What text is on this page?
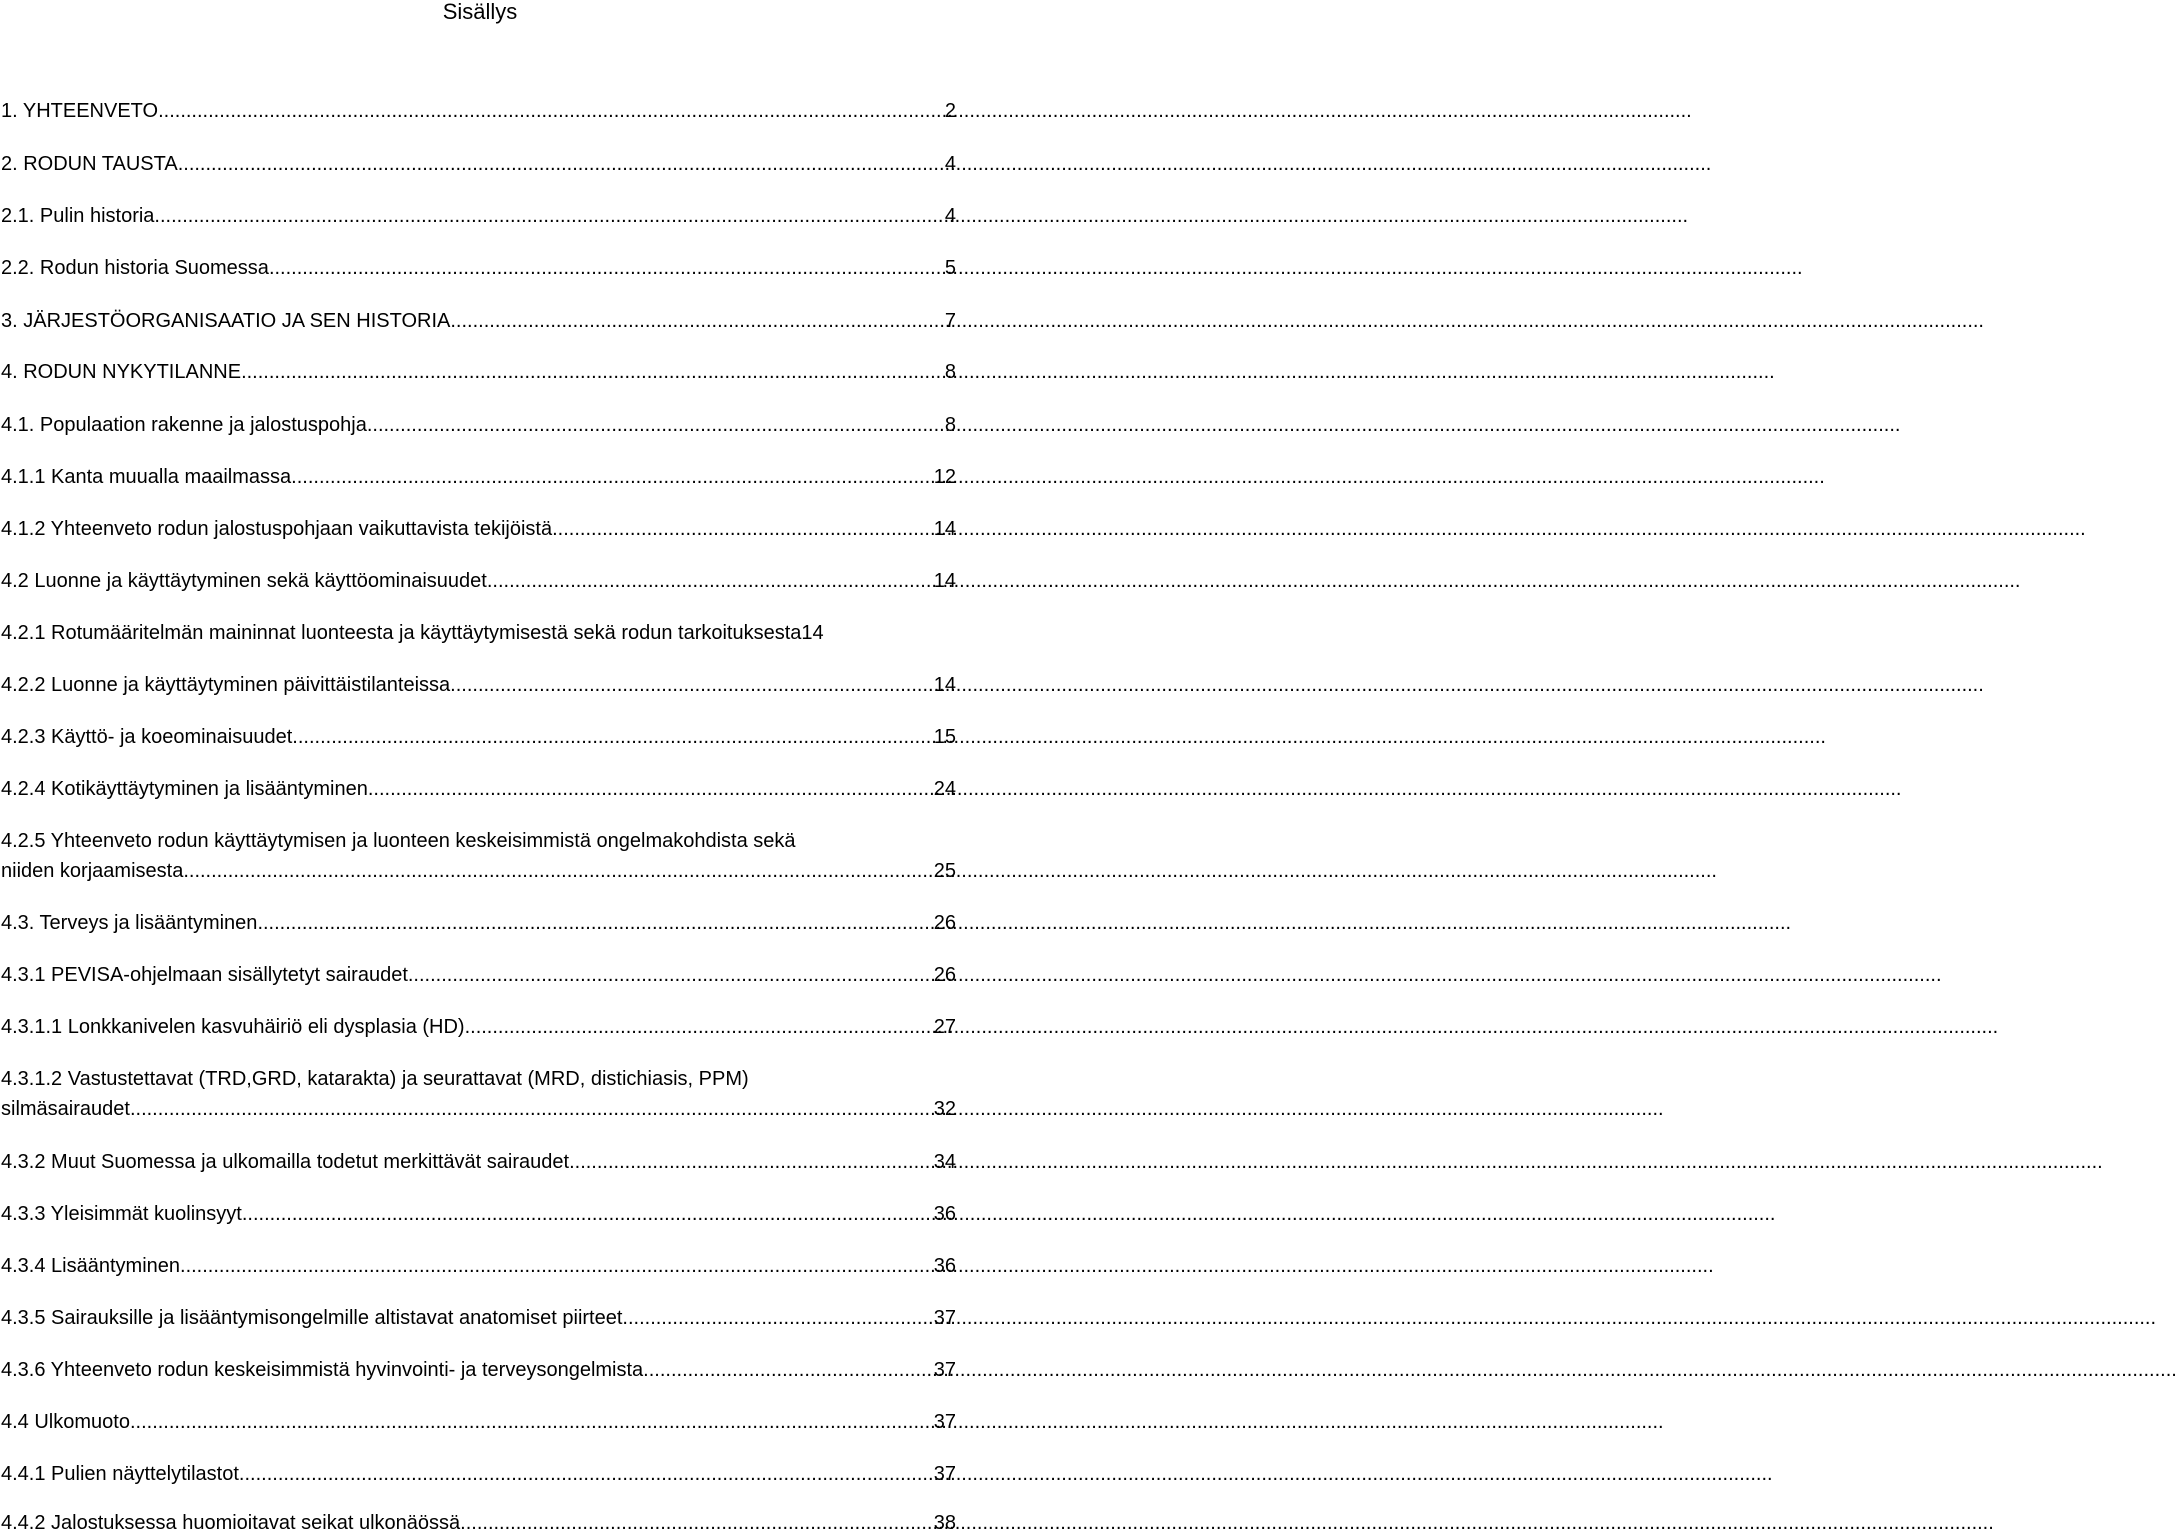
Sisällys
1. YHTEENVETO .....	2
2. RODUN TAUSTA .....	4
2.1. Pulin historia .....	4
2.2. Rodun historia Suomessa .....	5
3. JÄRJESTÖORGANISAATIO JA SEN HISTORIA .....	7
4. RODUN NYKYTILANNE .....	8
4.1. Populaation rakenne ja jalostuspohja .....	8
4.1.1 Kanta muualla maailmassa .....	12
4.1.2 Yhteenveto rodun jalostuspohjaan vaikuttavista tekijöistä .....	14
4.2 Luonne ja käyttäytyminen sekä käyttöominaisuudet .....	14
4.2.1 Rotumääritelmän maininnat luonteesta ja käyttäytymisestä sekä rodun tarkoituksesta 14
4.2.2 Luonne ja käyttäytyminen päivittäistilanteissa .....	14
4.2.3 Käyttö- ja koeominaisuudet .....	15
4.2.4 Kotikäyttäytyminen ja lisääntyminen .....	24
4.2.5 Yhteenveto rodun käyttäytymisen ja luonteen keskeisimmistä ongelmakohdista sekä
niiden korjaamisesta .....	25
4.3. Terveys ja lisääntyminen .....	26
4.3.1 PEVISA-ohjelmaan sisällytetyt sairaudet .....	26
4.3.1.1 Lonkkanivelen kasvuhäiriö eli dysplasia (HD) .....	27
4.3.1.2 Vastustettavat (TRD,GRD, katarakta) ja seurattavat (MRD, distichiasis, PPM)
silmäsairaudet .....	32
4.3.2 Muut Suomessa ja ulkomailla todetut merkittävät sairaudet .....	34
4.3.3 Yleisimmät kuolinsyyt .....	36
4.3.4 Lisääntyminen .....	36
4.3.5 Sairauksille ja lisääntymisongelmille altistavat anatomiset piirteet .....	37
4.3.6 Yhteenveto rodun keskeisimmistä hyvinvointi- ja terveysongelmista .....	37
4.4 Ulkomuoto .....	37
4.4.1 Pulien näyttelytilastot .....	37
4.4.2 Jalostuksessa huomioitavat seikat ulkonäössä .....	38
